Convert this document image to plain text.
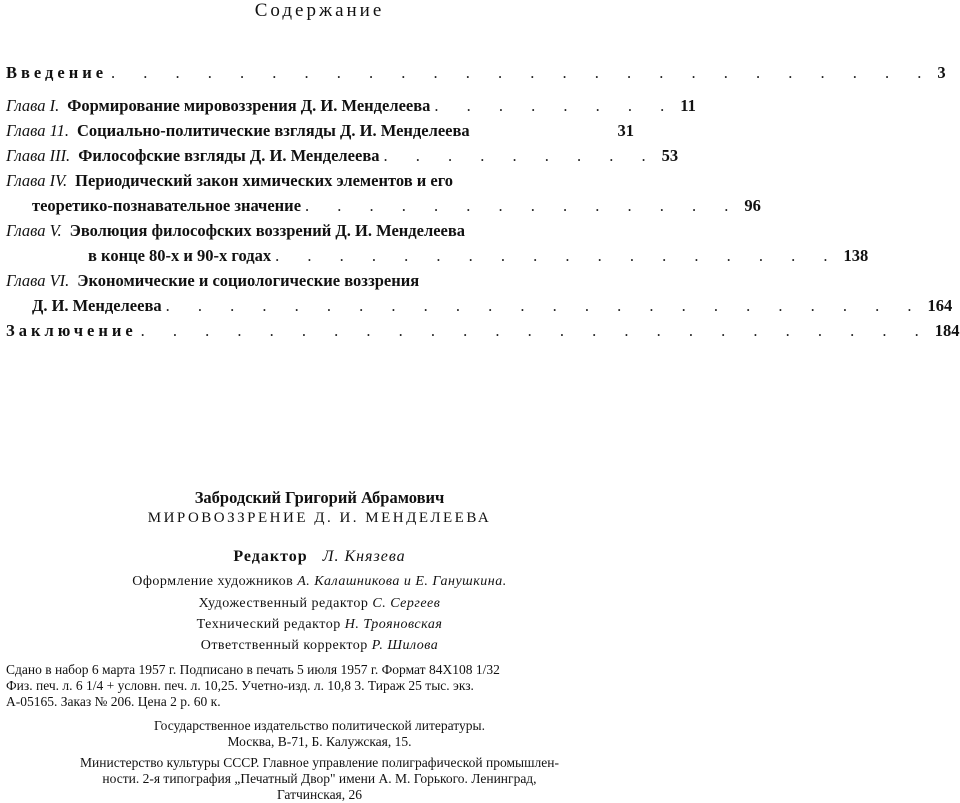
Содержание
Введение . . . . . . . . . . . . . . . . . . . . . . . . . . 3
Глава I. Формирование мировоззрения Д. И. Менделеева . . . . . . . . 11
Глава 11. Социально-политические взгляды Д. И. Менделеева	31
Глава III. Философские взгляды Д. И. Менделеева . . . . . . . . . 53
Глава IV. Периодический закон химических элементов и его
теоретико-познавательное значение . . . . . . . . . . . . . . 96
Глава V. Эволюция философских воззрений Д. И. Менделеева
в конце 80-х и 90-х годах . . . . . . . . . . . . . . . . . . 138
Глава VI. Экономические и социологические воззрения
Д. И. Менделеева . . . . . . . . . . . . . . . . . . . . . . . . 164
Заключение . . . . . . . . . . . . . . . . . . . . . . . . . 184
Забродский Григорий Абрамович
МИРОВОЗЗРЕНИЕ Д. И. МЕНДЕЛЕЕВА
Редактор Л. Князева
Оформление художников А. Калашникова и Е. Ганушкина.
Художественный редактор С. Сергеев
Технический редактор Н. Трояновская
Ответственный корректор Р. Шилова
Сдано в набор 6 марта 1957 г. Подписано в печать 5 июля 1957 г. Формат 84X108 1/32
Физ. печ. л. 6 1/4 + условн. печ. л. 10,25. Учетно-изд. л. 10,8 3. Тираж 25 тыс. экз.
А-05165. Заказ № 206. Цена 2 р. 60 к.
Государственное издательство политической литературы.
Москва, В-71, Б. Калужская, 15.
Министерство культуры СССР. Главное управление полиграфической промышлен-
ности. 2-я типография „Печатный Двор" имени А. М. Горького. Ленинград,
Гатчинская, 26
